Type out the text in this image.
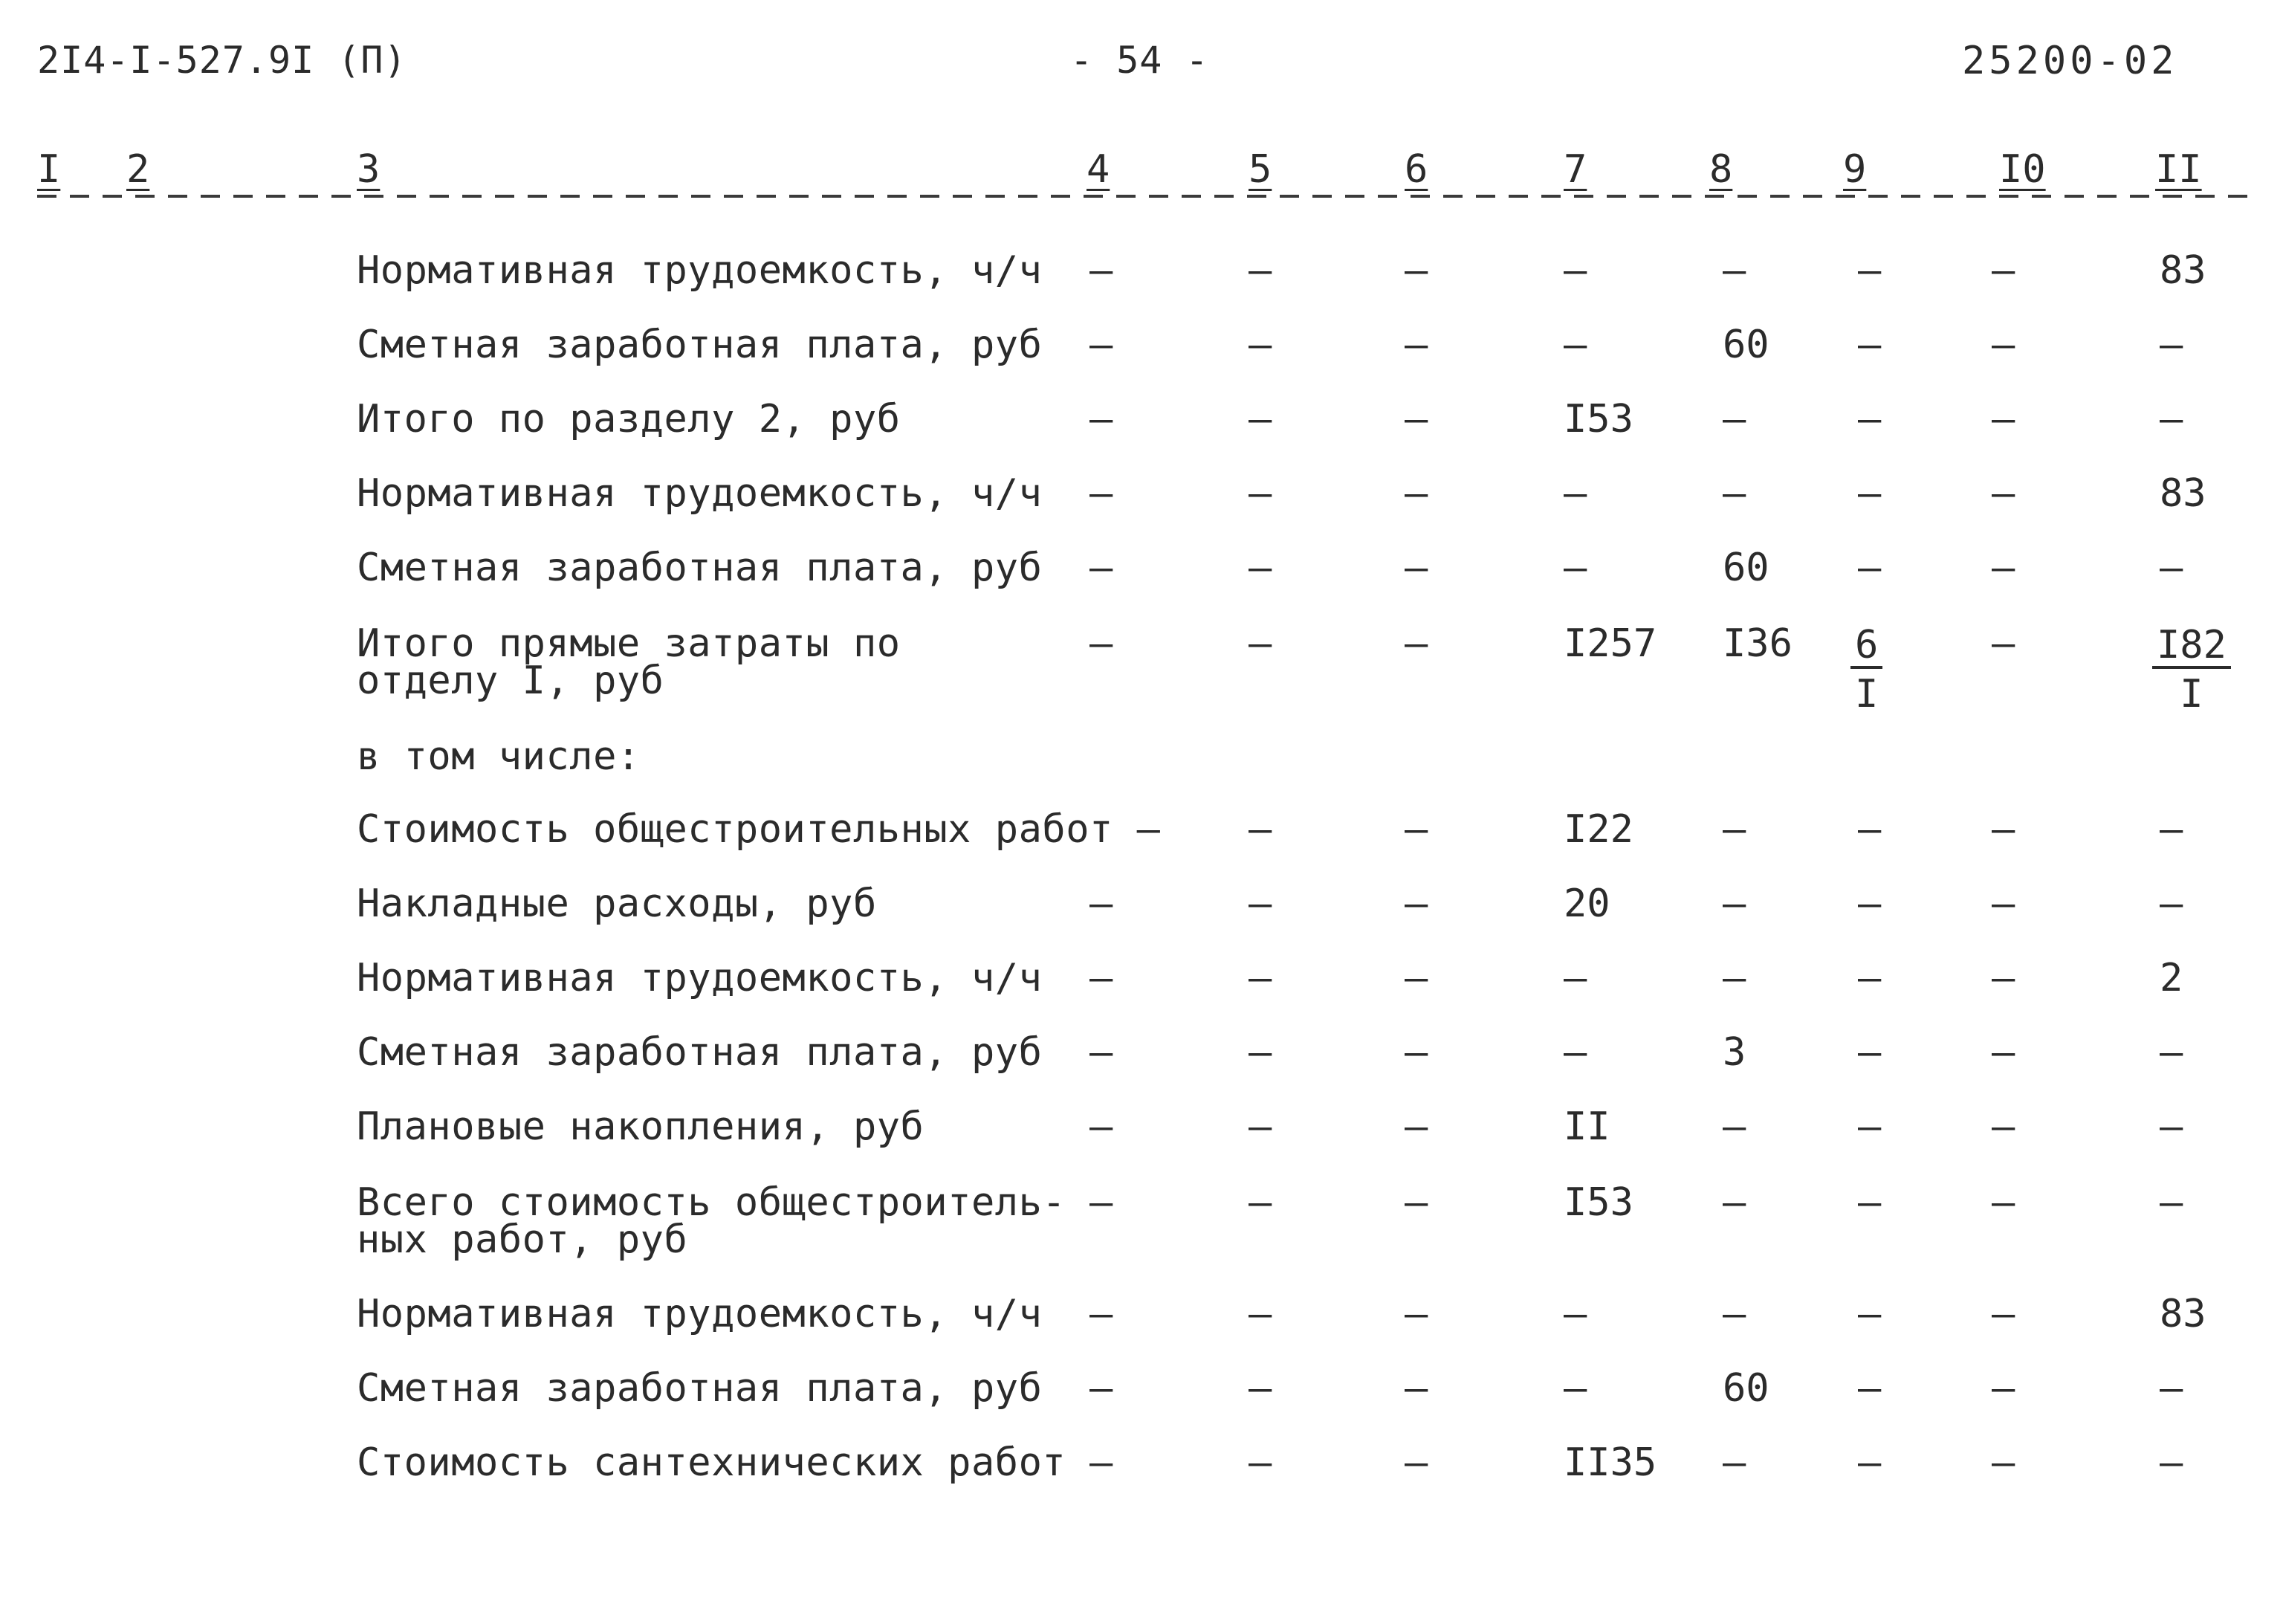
2I4-I-527.9I (П)	- 54 -	25200-02
I 2	3	4	5	6	7	8	9	I0	II
Нормативная трудоемкость, ч/ч –	–	–	–	–	–	–	83
Сметная заработная плата, руб –	–	–	–	60 –	–	–
Итого по разделу 2, руб	–	–	–	I53 –	–	–	–
Нормативная трудоемкость, ч/ч –	–	–	–	–	–	–	83
Сметная заработная плата, руб –	–	–	–	60 –	–	–
Итого прямые затраты по
отделу I, руб
–	–	–	I257 $I36 \frac{6}{I}$	–	$\frac{I82}{I}$
в том числе:
Стоимость общестроительных работ – –	–	I22 –	–	–	–
Накладные расходы, руб	–	–	–	20	–	–	–	–
Нормативная трудоемкость, ч/ч –	–	–	–	–	–	–	2
Сметная заработная плата, руб –	–	–	–	3	–	–	–
Плановые накопления, руб	–	–	–	II	–	–	–	–
Всего стоимость общестроитель-
ных работ, руб
–	–	–	I53 –	–	–	–
Нормативная трудоемкость, ч/ч –	–	–	–	–	–	–	83
Сметная заработная плата, руб –	–	–	–	60 –	–	–
Стоимость сантехнических работ –	–	–	II35 –	–	–	–
